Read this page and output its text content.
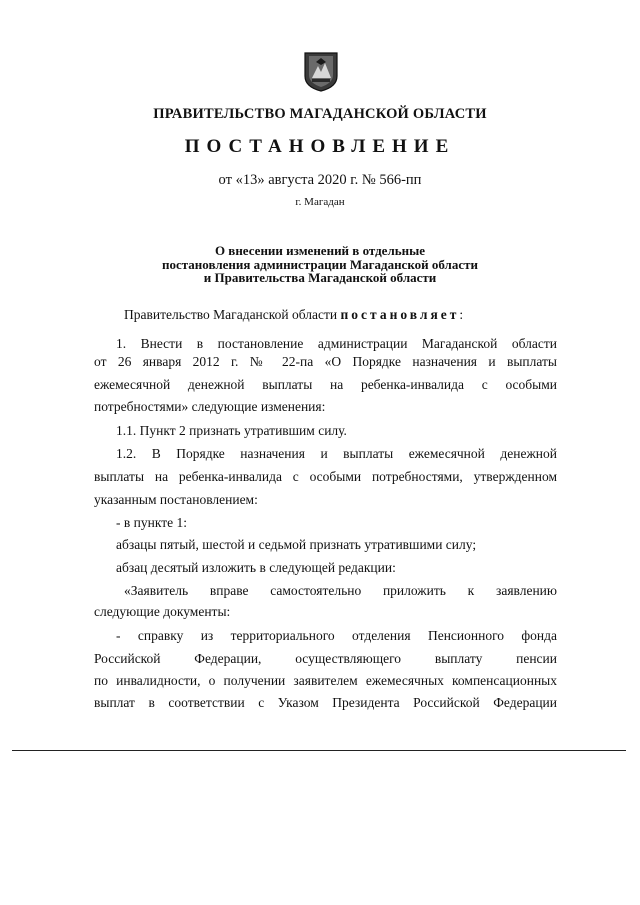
ПРАВИТЕЛЬСТВО МАГАДАНСКОЙ ОБЛАСТИ
ПОСТАНОВЛЕНИЕ
от «13» августа 2020 г. № 566-пп
г. Магадан
О внесении изменений в отдельные
постановления администрации Магаданской области
и Правительства Магаданской области
Правительство Магаданской области постановляет:
1. Внести в постановление администрации Магаданской области
от 26 января 2012 г. № 22-па «О Порядке назначения и выплаты
ежемесячной денежной выплаты на ребенка-инвалида с особыми
потребностями» следующие изменения:
1.1. Пункт 2 признать утратившим силу.
1.2. В Порядке назначения и выплаты ежемесячной денежной
выплаты на ребенка-инвалида с особыми потребностями, утвержденном
указанным постановлением:
- в пункте 1:
абзацы пятый, шестой и седьмой признать утратившими силу;
абзац десятый изложить в следующей редакции:
«Заявитель вправе самостоятельно приложить к заявлению
следующие документы:
- справку из территориального отделения Пенсионного фонда
Российской Федерации, осуществляющего выплату пенсии
по инвалидности, о получении заявителем ежемесячных компенсационных
выплат в соответствии с Указом Президента Российской Федерации
